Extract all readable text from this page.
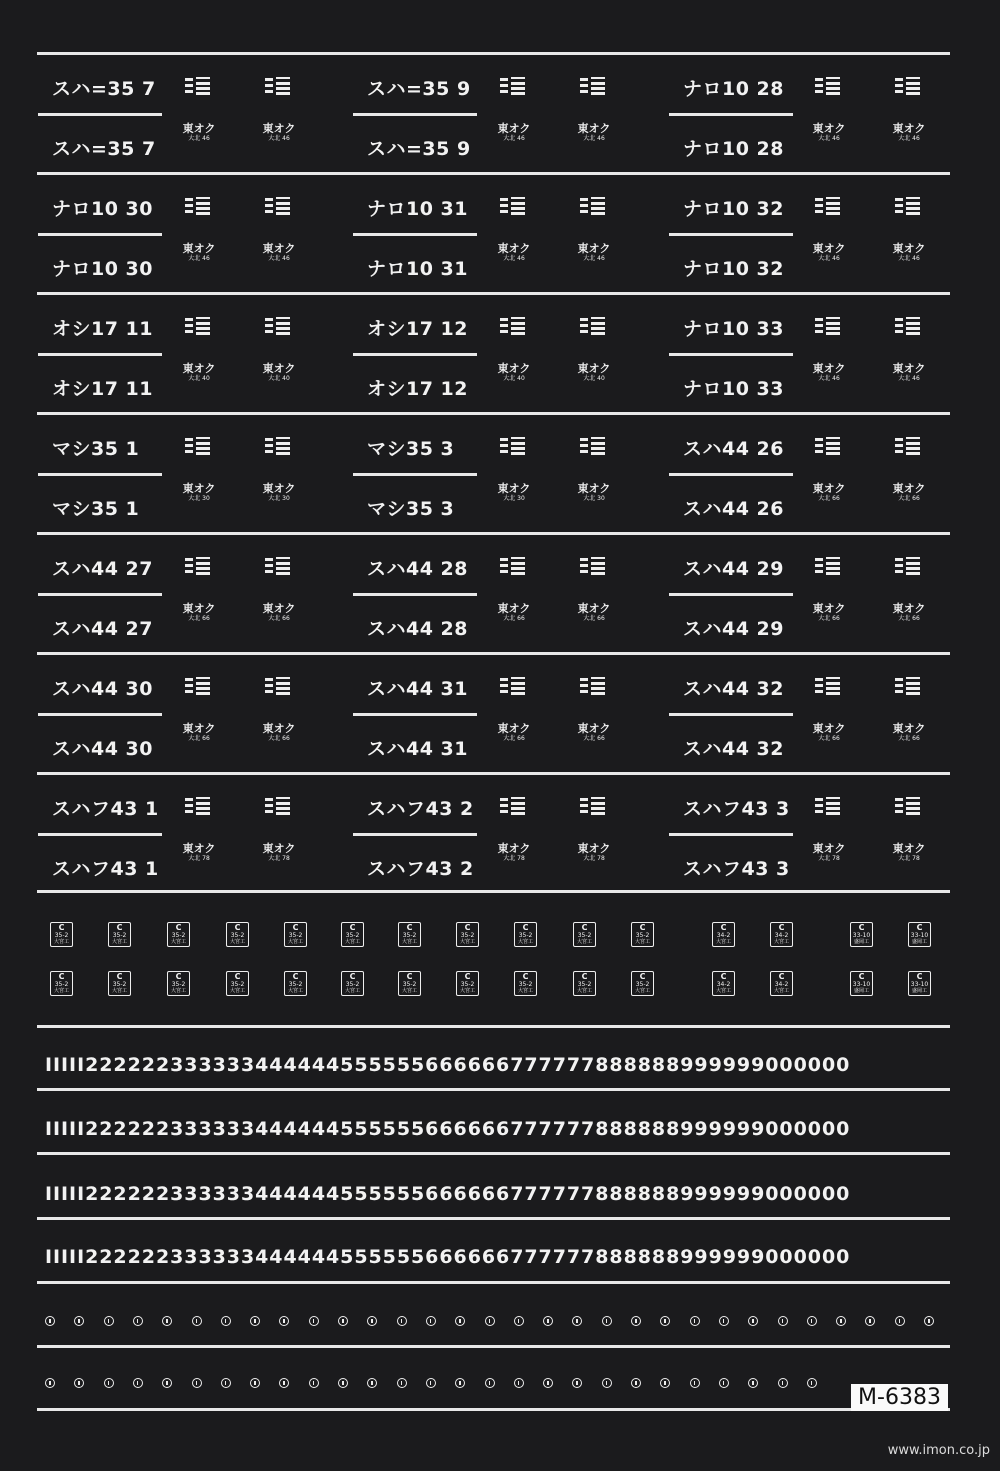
スハ=35 7
スハ=35 7
東オク
大北 46
東オク
大北 46
スハ=35 9
スハ=35 9
東オク
大北 46
東オク
大北 46
ナロ10 28
ナロ10 28
東オク
大北 46
東オク
大北 46
ナロ10 30
ナロ10 30
東オク
大北 46
東オク
大北 46
ナロ10 31
ナロ10 31
東オク
大北 46
東オク
大北 46
ナロ10 32
ナロ10 32
東オク
大北 46
東オク
大北 46
オシ17 11
オシ17 11
東オク
大北 40
東オク
大北 40
オシ17 12
オシ17 12
東オク
大北 40
東オク
大北 40
ナロ10 33
ナロ10 33
東オク
大北 46
東オク
大北 46
マシ35 1
マシ35 1
東オク
大北 30
東オク
大北 30
マシ35 3
マシ35 3
東オク
大北 30
東オク
大北 30
スハ44 26
スハ44 26
東オク
大北 66
東オク
大北 66
スハ44 27
スハ44 27
東オク
大北 66
東オク
大北 66
スハ44 28
スハ44 28
東オク
大北 66
東オク
大北 66
スハ44 29
スハ44 29
東オク
大北 66
東オク
大北 66
スハ44 30
スハ44 30
東オク
大北 66
東オク
大北 66
スハ44 31
スハ44 31
東オク
大北 66
東オク
大北 66
スハ44 32
スハ44 32
東オク
大北 66
東オク
大北 66
スハフ43 1
スハフ43 1
東オク
大北 78
東オク
大北 78
スハフ43 2
スハフ43 2
東オク
大北 78
東オク
大北 78
スハフ43 3
スハフ43 3
東オク
大北 78
東オク
大北 78
C
35-2
大宮工
C
35-2
大宮工
C
35-2
大宮工
C
35-2
大宮工
C
35-2
大宮工
C
35-2
大宮工
C
35-2
大宮工
C
35-2
大宮工
C
35-2
大宮工
C
35-2
大宮工
C
35-2
大宮工
C
35-2
大宮工
C
35-2
大宮工
C
35-2
大宮工
C
35-2
大宮工
C
35-2
大宮工
C
35-2
大宮工
C
35-2
大宮工
C
35-2
大宮工
C
35-2
大宮工
C
35-2
大宮工
C
35-2
大宮工
C
34-2
大宮工
C
34-2
大宮工
C
34-2
大宮工
C
34-2
大宮工
C
33-10
盛岡工
C
33-10
盛岡工
C
33-10
盛岡工
C
33-10
盛岡工
IIIII222222333333444444555555666666777777888888999999000000
IIIII222222333333444444555555666666777777888888999999000000
IIIII222222333333444444555555666666777777888888999999000000
IIIII222222333333444444555555666666777777888888999999000000
M-6383
www.imon.co.jp
